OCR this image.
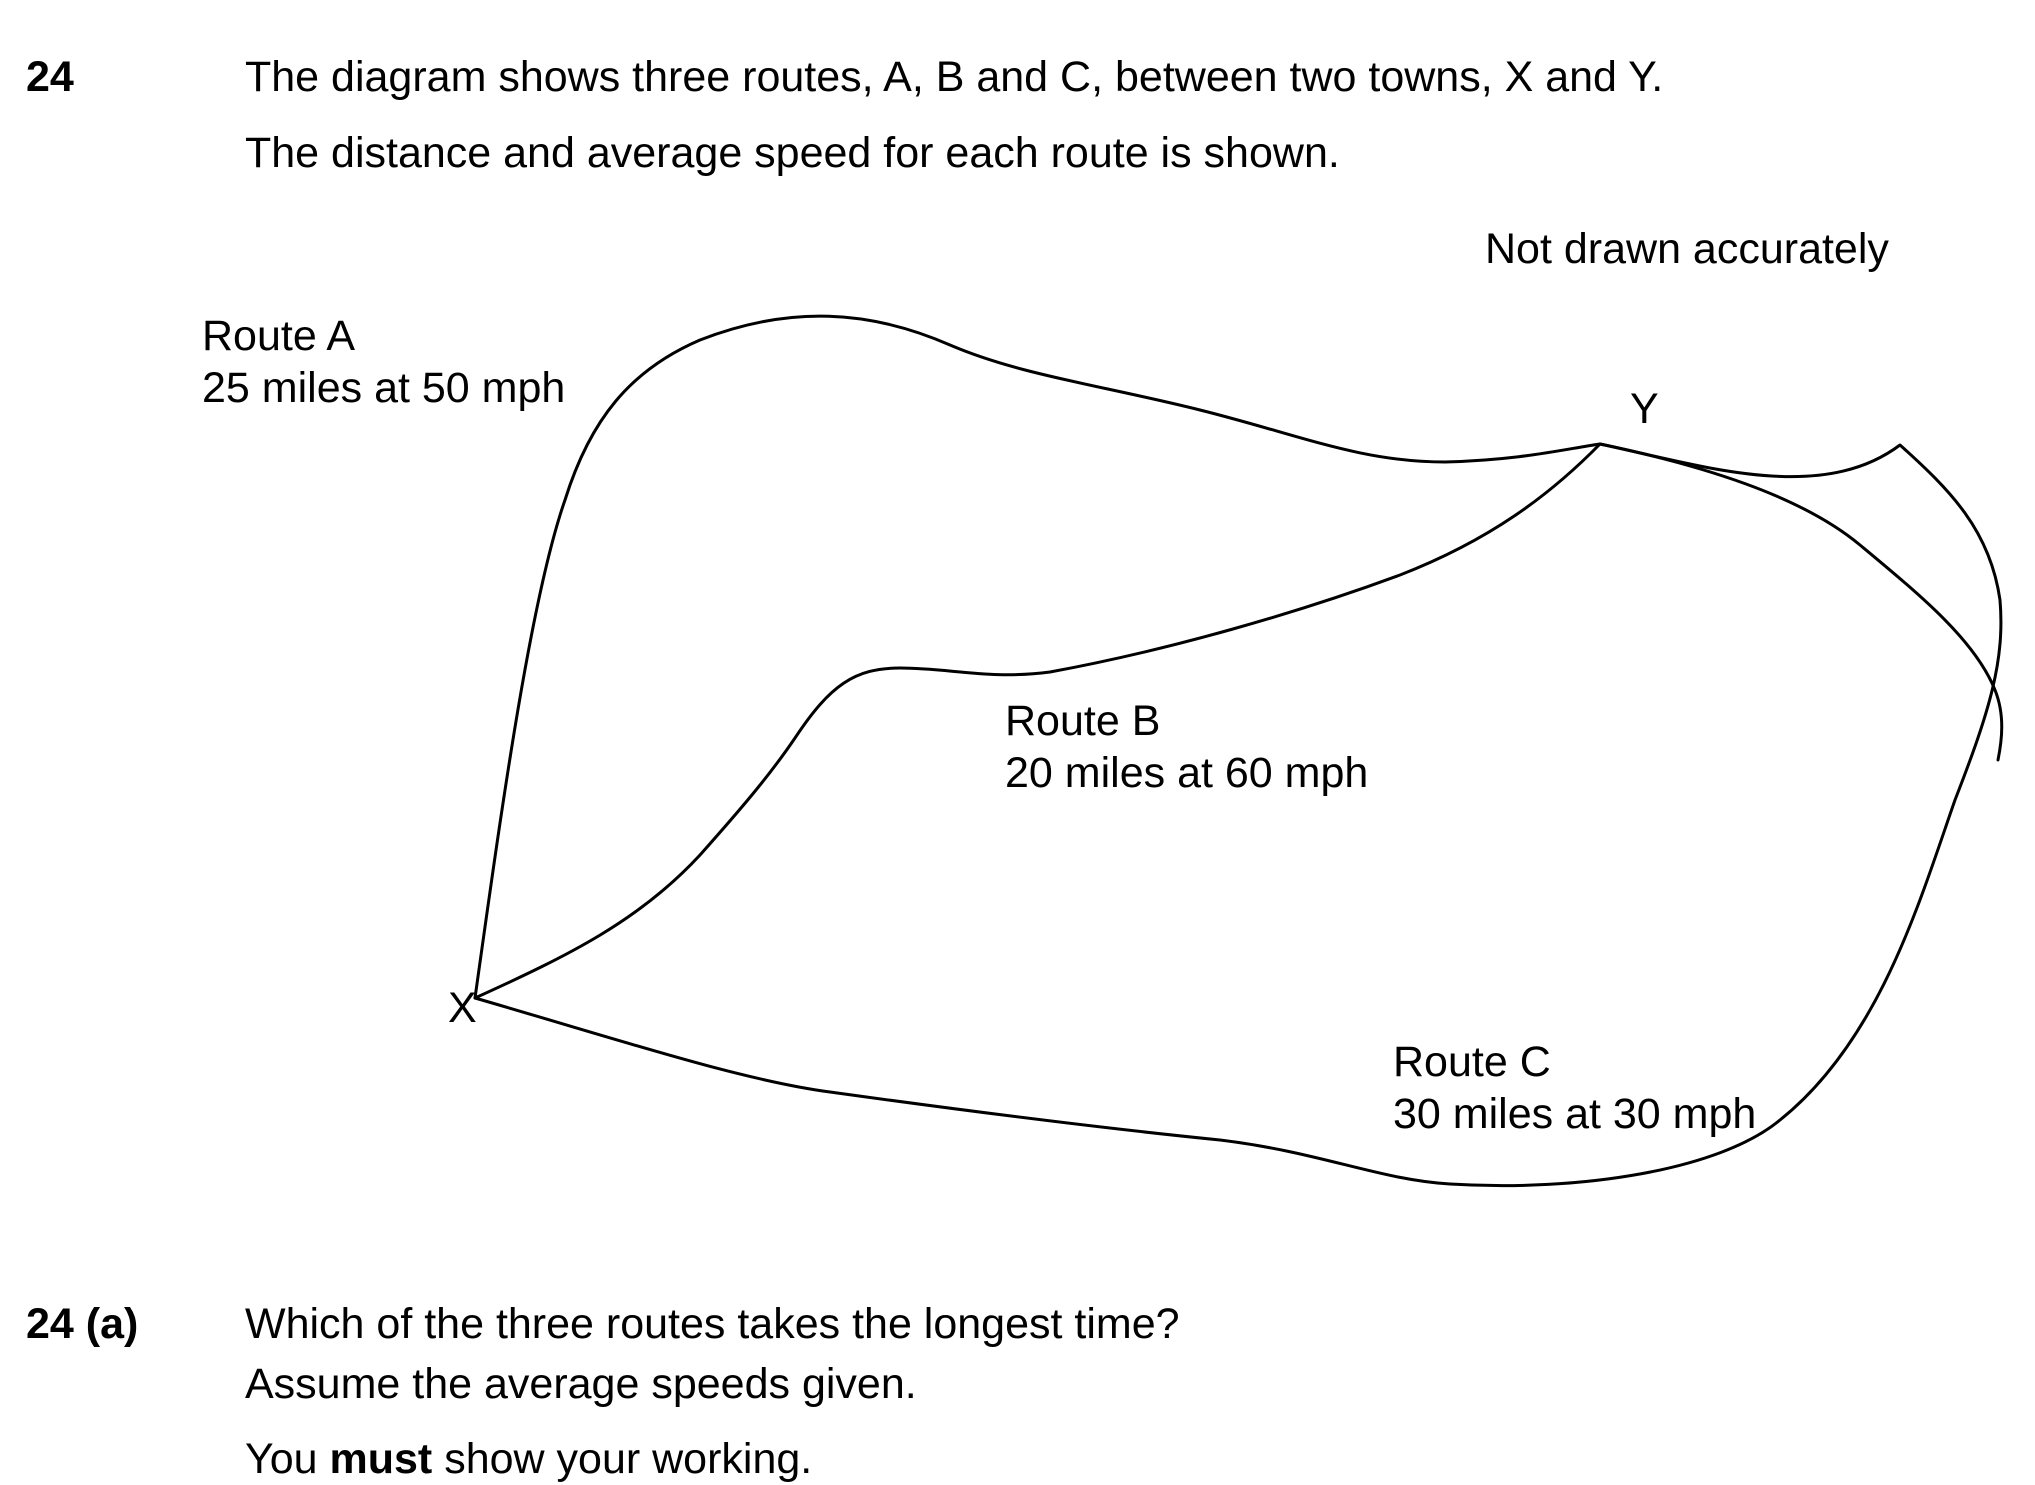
24	The diagram shows three routes, A, B and C, between two towns, X and Y.
The distance and average speed for each route is shown.
X
Y
Route A
25 miles at 50 mph
Route B
20 miles at 60 mph
Route C
30 miles at 30 mph
Not drawn accurately
24 (a) Which of the three routes takes the longest time?
Assume the average speeds given.
You must show your working.
